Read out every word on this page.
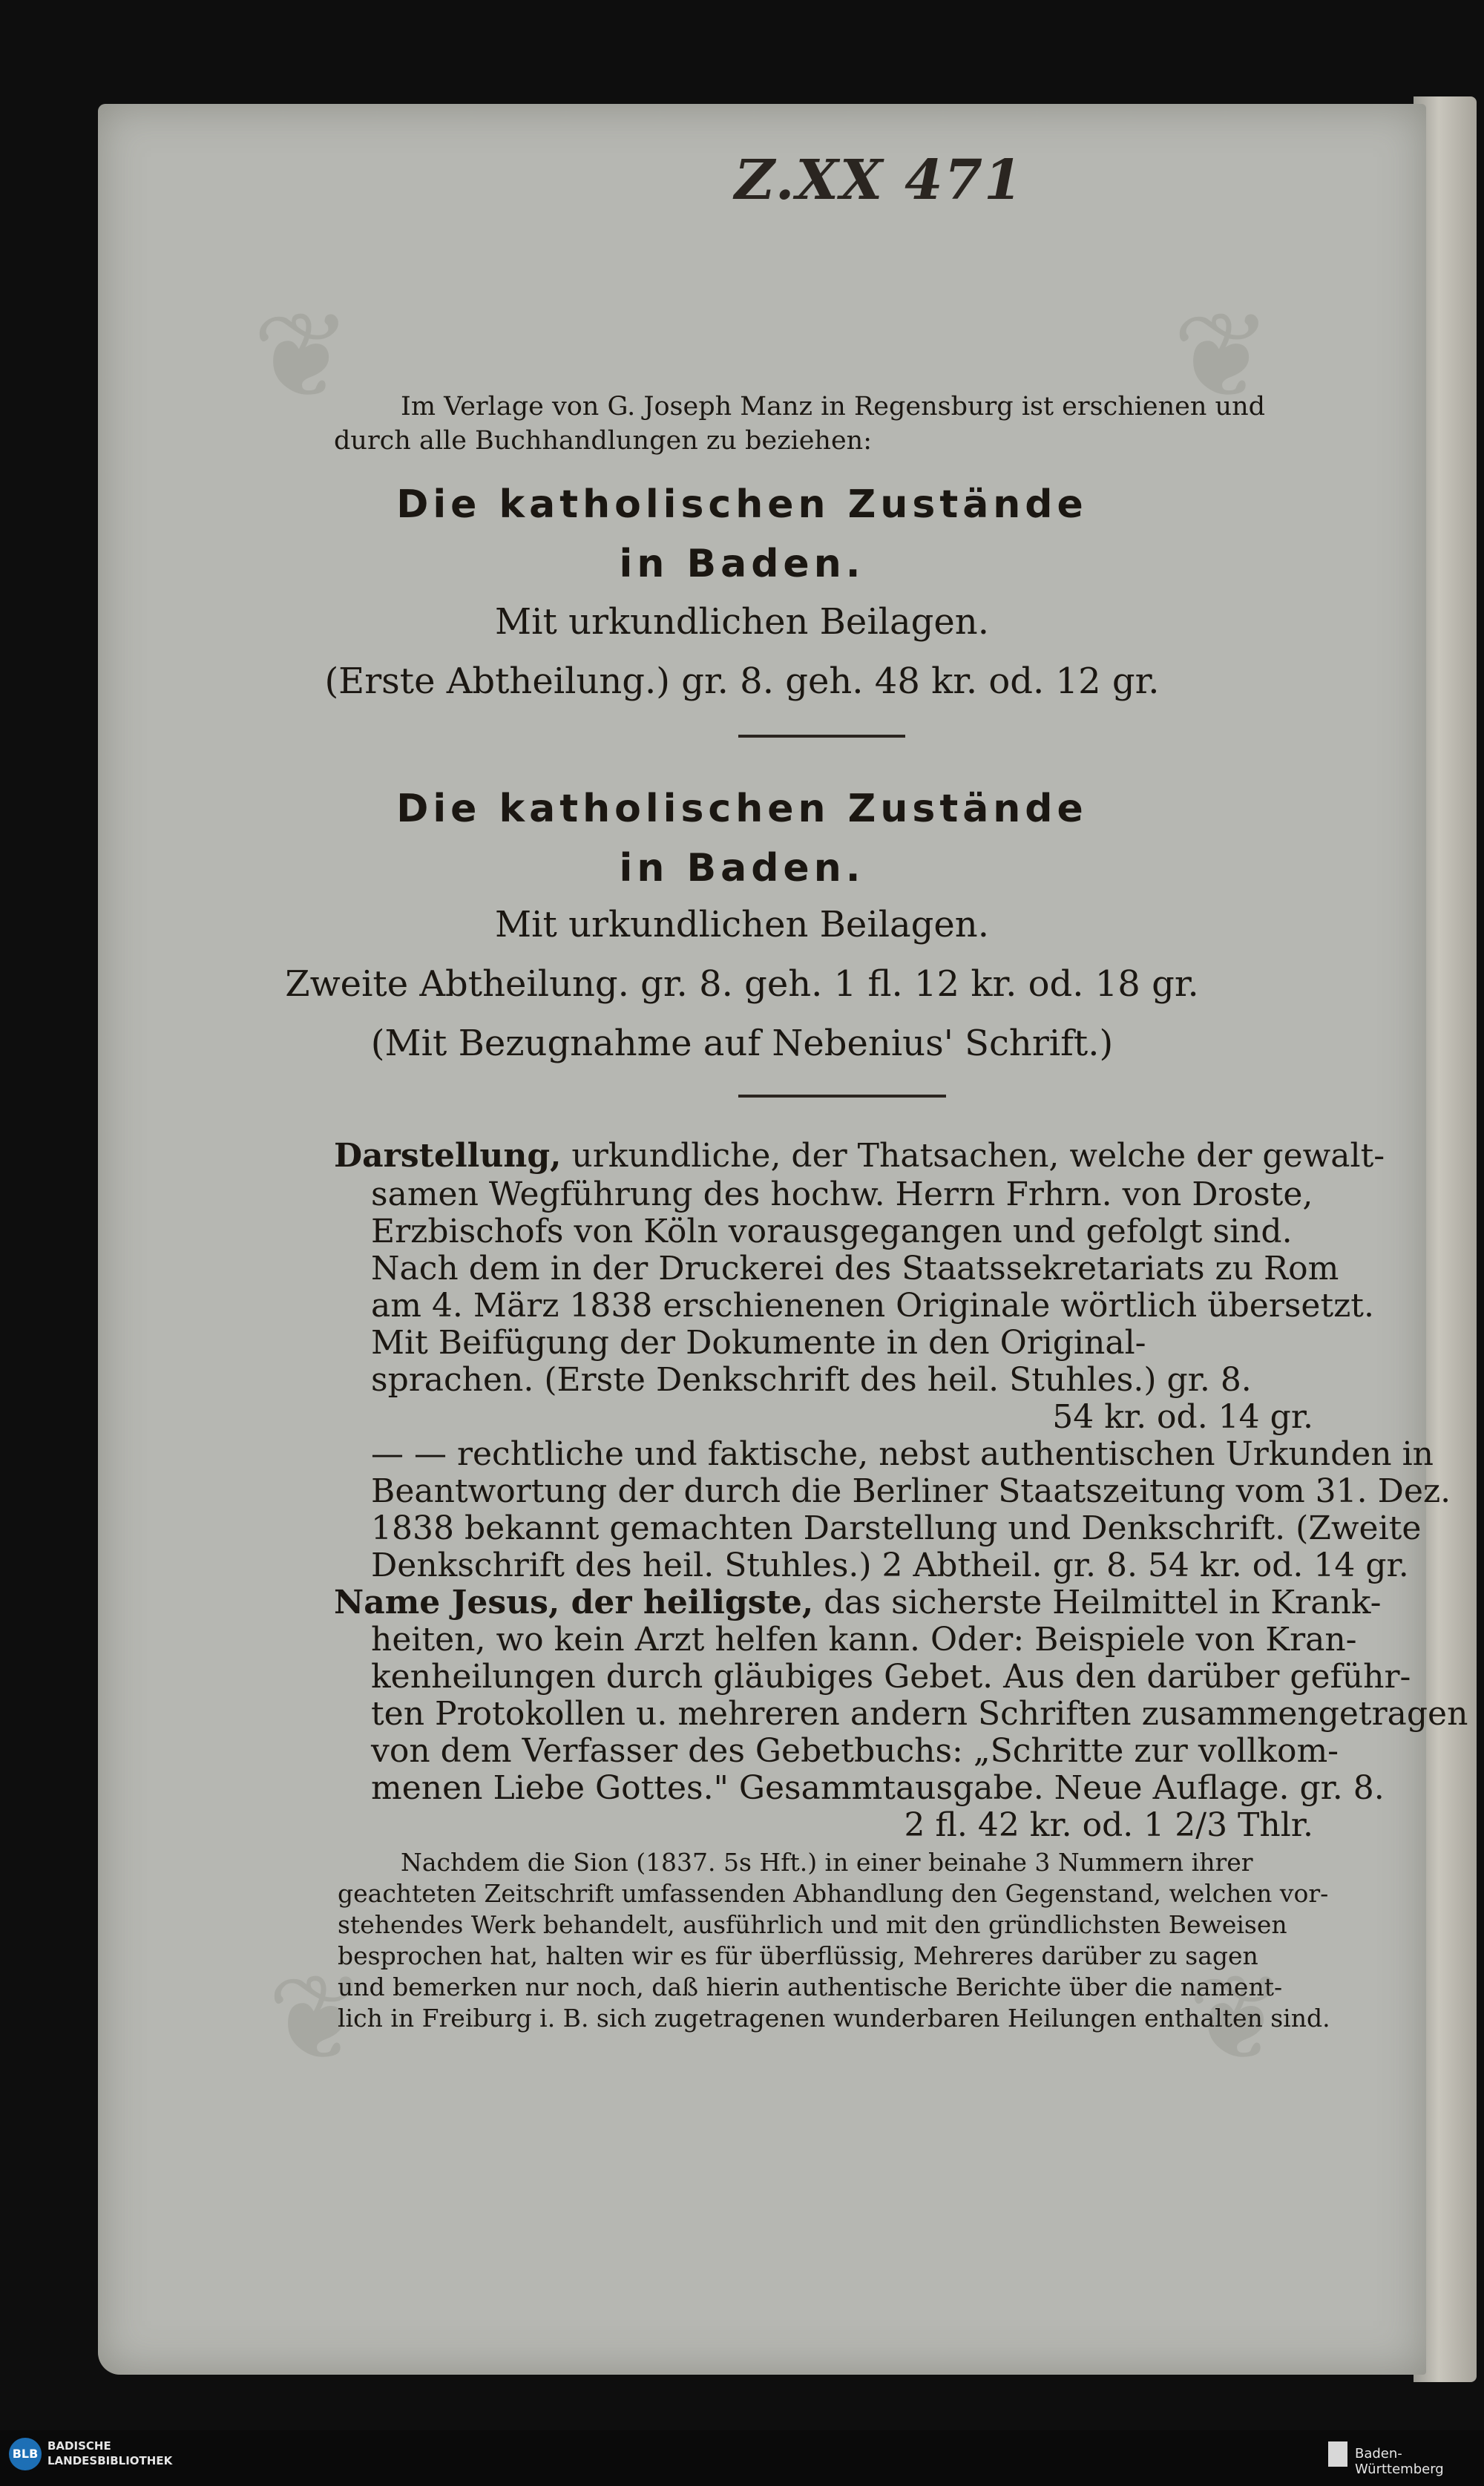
❦	❦
❦	❦
Z.XX 471
Im Verlage von G. Joseph Manz in Regensburg ist erschienen und
durch alle Buchhandlungen zu beziehen:
Die katholischen Zustände
in Baden.
Mit urkundlichen Beilagen.
(Erste Abtheilung.) gr. 8. geh. 48 kr. od. 12 gr.
Die katholischen Zustände
in Baden.
Mit urkundlichen Beilagen.
Zweite Abtheilung. gr. 8. geh. 1 fl. 12 kr. od. 18 gr.
(Mit Bezugnahme auf Nebenius' Schrift.)
Darstellung, urkundliche, der Thatsachen, welche der gewalt-
samen Wegführung des hochw. Herrn Frhrn. von Droste,
Erzbischofs von Köln vorausgegangen und gefolgt sind.
Nach dem in der Druckerei des Staatssekretariats zu Rom
am 4. März 1838 erschienenen Originale wörtlich übersetzt.
Mit Beifügung der Dokumente in den Original-
sprachen. (Erste Denkschrift des heil. Stuhles.) gr. 8.
54 kr. od. 14 gr.
— — rechtliche und faktische, nebst authentischen Urkunden in
Beantwortung der durch die Berliner Staatszeitung vom 31. Dez.
1838 bekannt gemachten Darstellung und Denkschrift. (Zweite
Denkschrift des heil. Stuhles.) 2 Abtheil. gr. 8. 54 kr. od. 14 gr.
Name Jesus, der heiligste, das sicherste Heilmittel in Krank-
heiten, wo kein Arzt helfen kann. Oder: Beispiele von Kran-
kenheilungen durch gläubiges Gebet. Aus den darüber geführ-
ten Protokollen u. mehreren andern Schriften zusammengetragen
von dem Verfasser des Gebetbuchs: „Schritte zur vollkom-
menen Liebe Gottes." Gesammtausgabe. Neue Auflage. gr. 8.
2 fl. 42 kr. od. 1 2/3 Thlr.
Nachdem die Sion (1837. 5s Hft.) in einer beinahe 3 Nummern ihrer
geachteten Zeitschrift umfassenden Abhandlung den Gegenstand, welchen vor-
stehendes Werk behandelt, ausführlich und mit den gründlichsten Beweisen
besprochen hat, halten wir es für überflüssig, Mehreres darüber zu sagen
und bemerken nur noch, daß hierin authentische Berichte über die nament-
lich in Freiburg i. B. sich zugetragenen wunderbaren Heilungen enthalten sind.
BLB
BADISCHE
LANDESBIBLIOTHEK	Baden-Württemberg
